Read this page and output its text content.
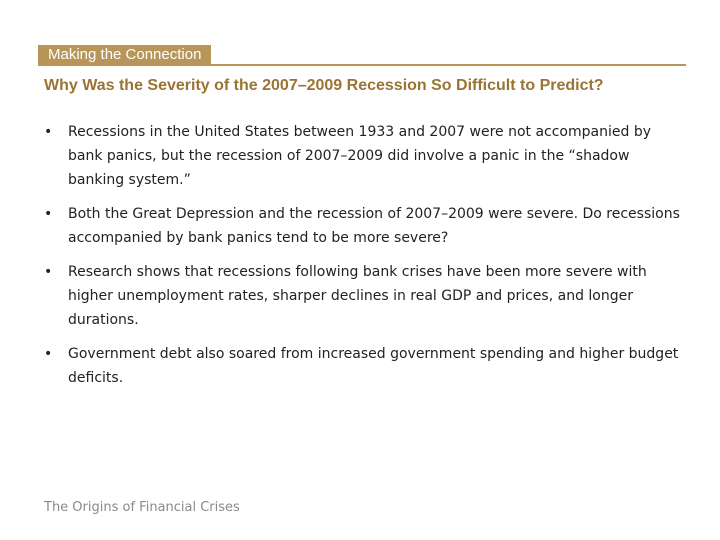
Making the Connection
Why Was the Severity of the 2007–2009 Recession So Difficult to Predict?
• Recessions in the United States between 1933 and 2007 were not accompanied by bank panics, but the recession of 2007–2009 did involve a panic in the “shadow banking system.”
• Both the Great Depression and the recession of 2007–2009 were severe. Do recessions accompanied by bank panics tend to be more severe?
• Research shows that recessions following bank crises have been more severe with higher unemployment rates, sharper declines in real GDP and prices, and longer durations.
• Government debt also soared from increased government spending and higher budget deficits.
The Origins of Financial Crises
